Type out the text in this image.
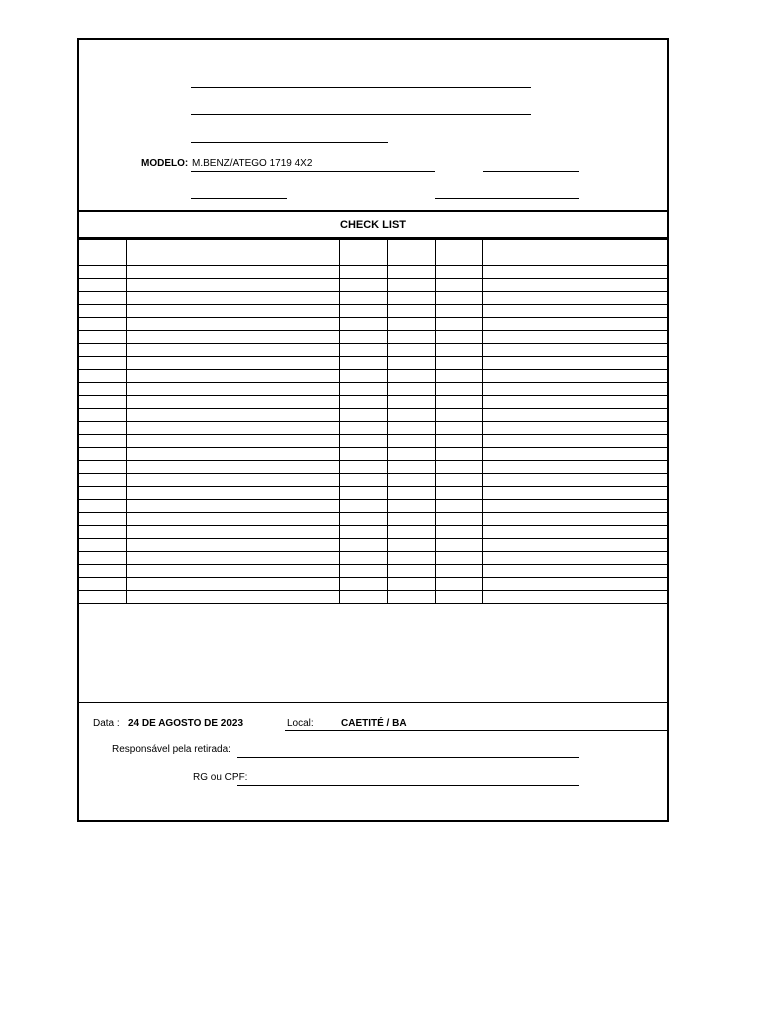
MODELO: M.BENZ/ATEGO 1719 4X2
CHECK LIST

Data : 24 DE AGOSTO DE 2023	Local:	CAETITÉ / BA
Responsável pela retirada:
RG ou CPF:
